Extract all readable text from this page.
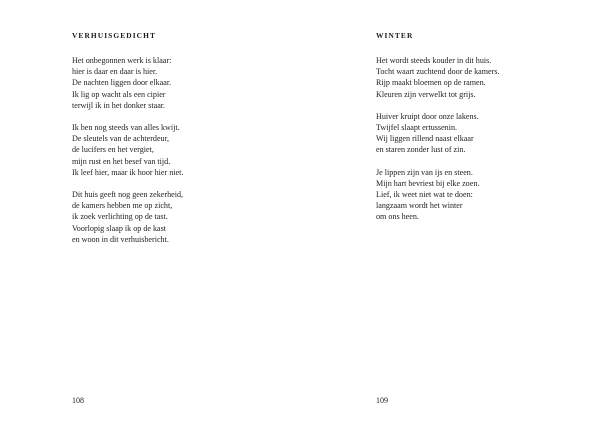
VERHUISGEDICHT
Het onbegonnen werk is klaar:
hier is daar en daar is hier.
De nachten liggen door elkaar.
Ik lig op wacht als een cipier
terwijl ik in het donker staar.
Ik ben nog steeds van alles kwijt.
De sleutels van de achterdeur,
de lucifers en het vergiet,
mijn rust en het besef van tijd.
Ik leef hier, maar ik hoor hier niet.
Dit huis geeft nog geen zekerheid,
de kamers hebben me op zicht,
ik zoek verlichting op de tast.
Voorlopig slaap ik op de kast
en woon in dit verhuisbericht.
108
WINTER
Het wordt steeds kouder in dit huis.
Tocht waart zuchtend door de kamers.
Rijp maakt bloemen op de ramen.
Kleuren zijn verwelkt tot grijs.
Huiver kruipt door onze lakens.
Twijfel slaapt ertussenin.
Wij liggen rillend naast elkaar
en staren zonder lust of zin.
Je lippen zijn van ijs en steen.
Mijn hart bevriest bij elke zoen.
Lief, ik weet niet wat te doen:
langzaam wordt het winter
om ons heen.
109
